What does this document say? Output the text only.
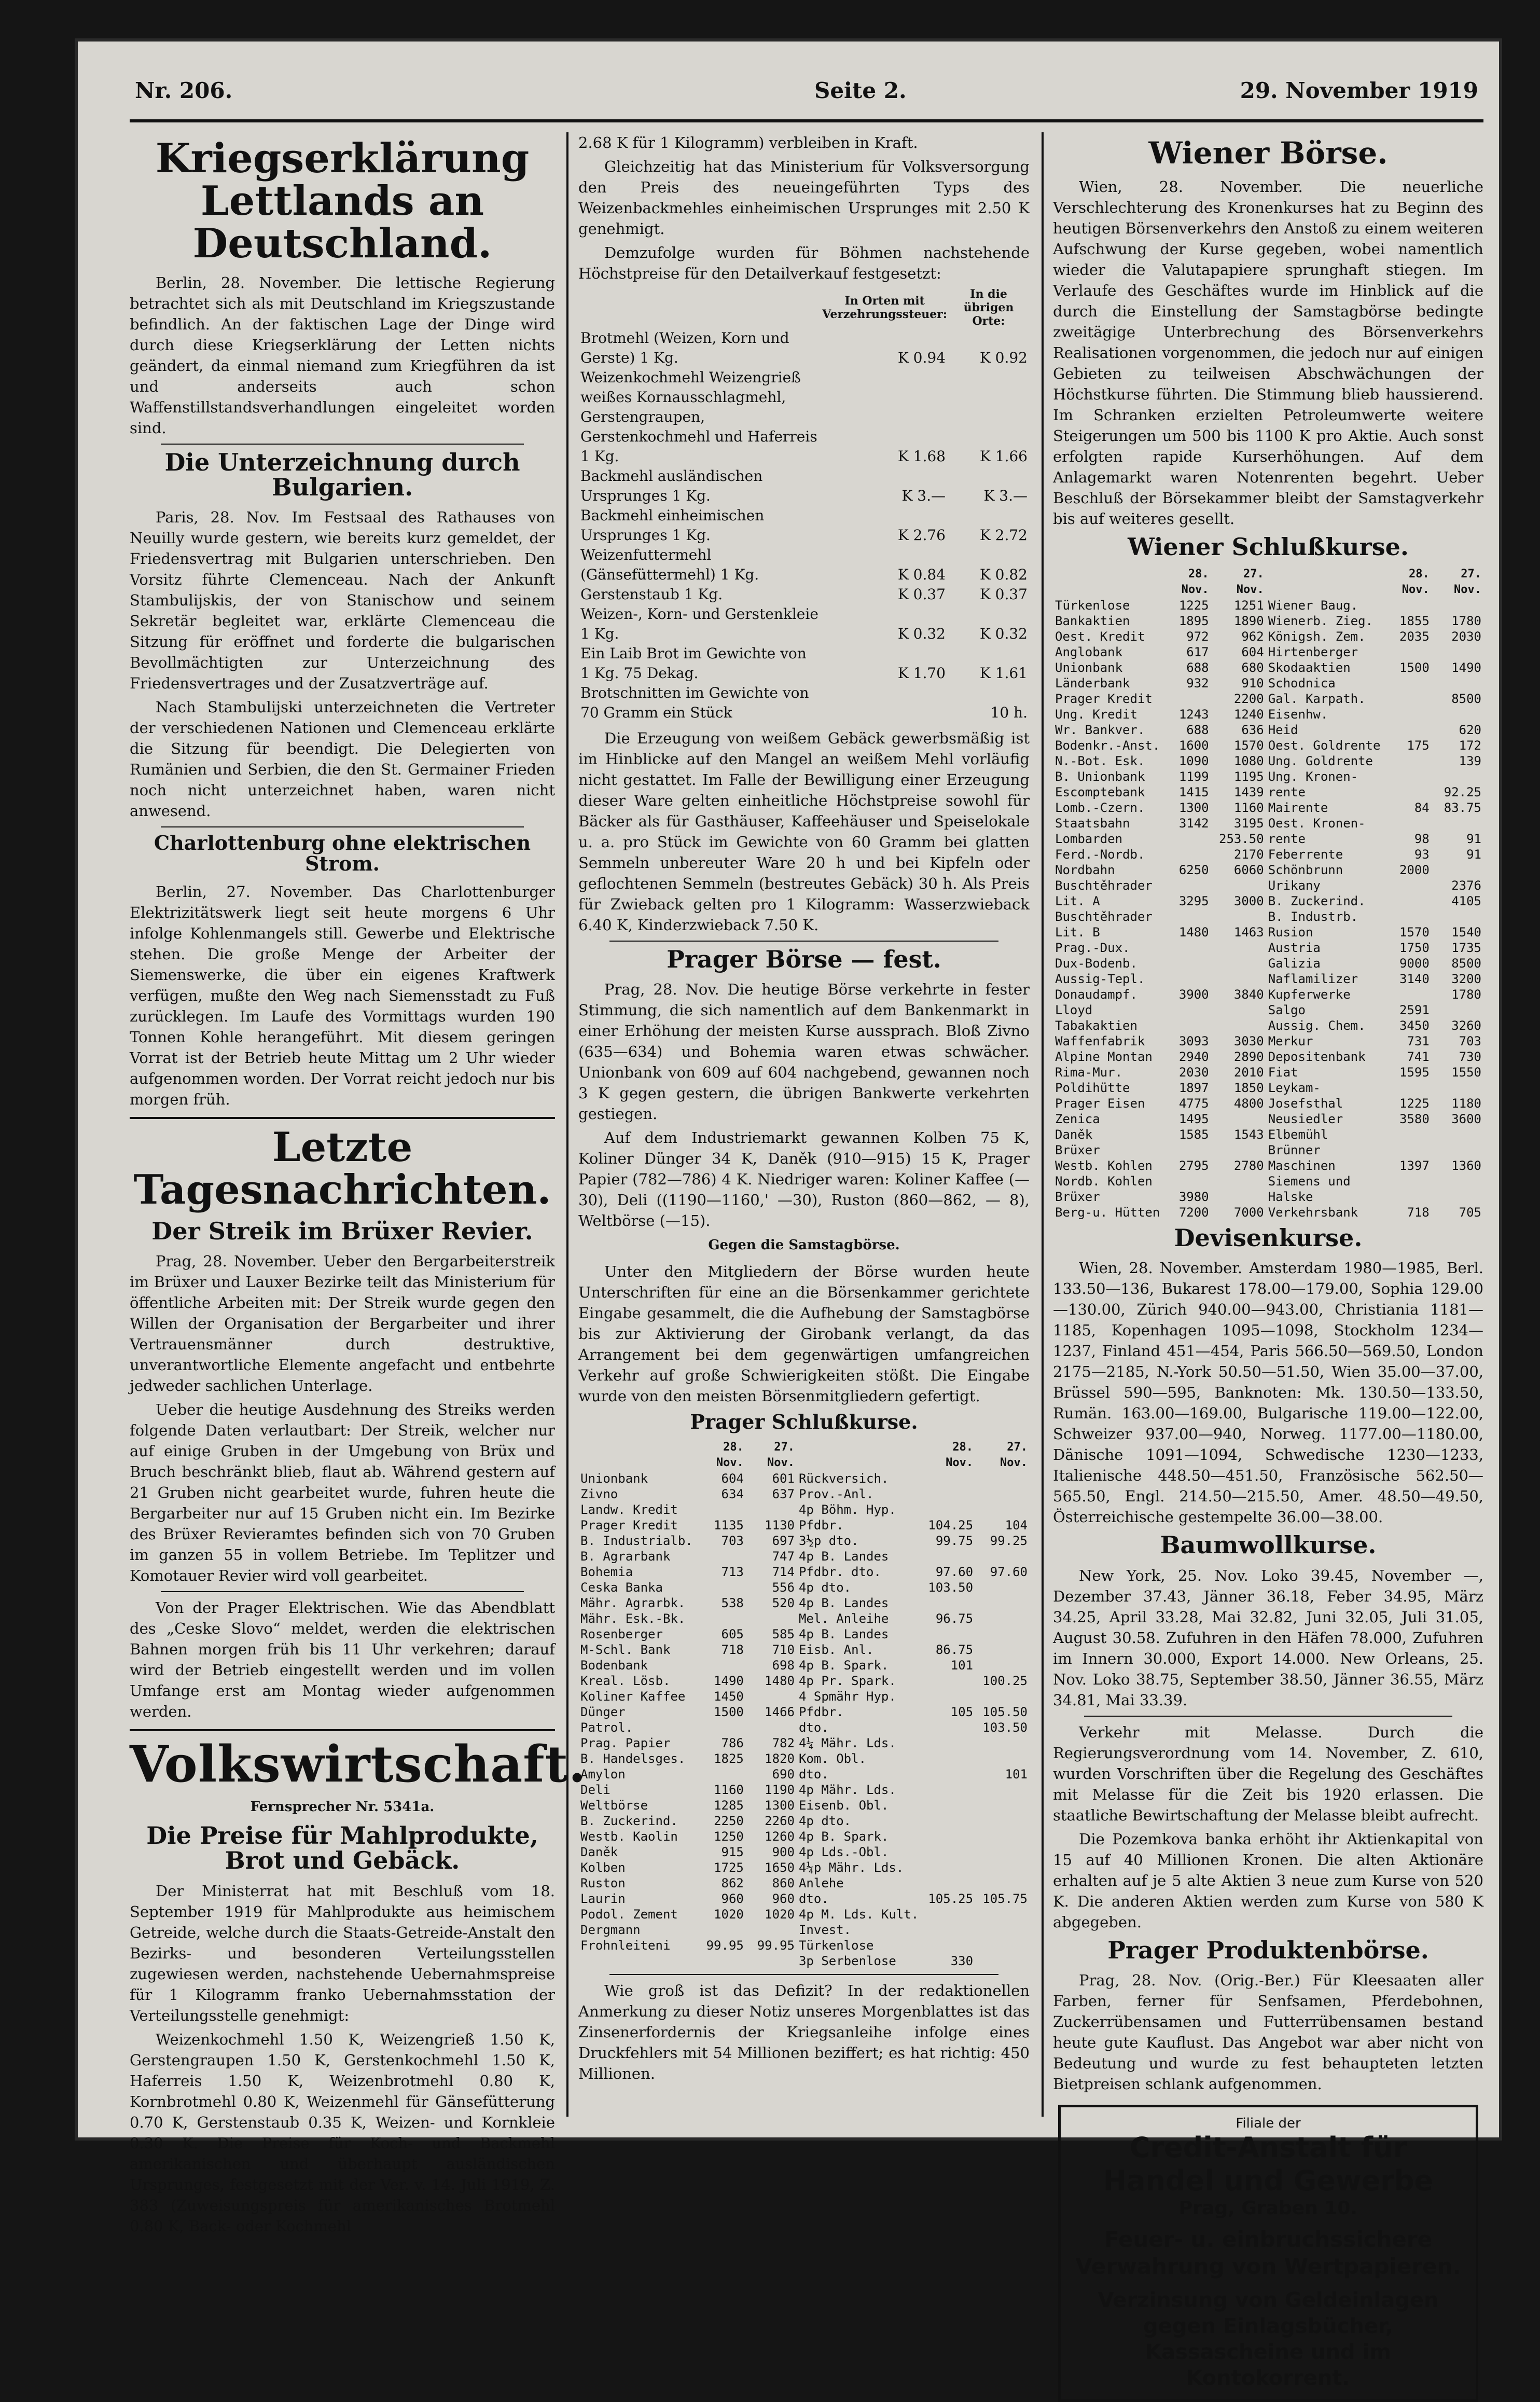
Nr. 206.	Seite 2.	29. November 1919
Kriegserklärung Lettlands an Deutschland.

Berlin, 28. November. Die lettische Regierung betrachtet sich als mit Deutschland im Kriegszustande befindlich. An der faktischen Lage der Dinge wird durch diese Kriegserklärung der Letten nichts geändert, da einmal niemand zum Kriegführen da ist und anderseits auch schon Waffenstillstandsverhandlungen eingeleitet worden sind.

Die Unterzeichnung durch Bulgarien.

Paris, 28. Nov. Im Festsaal des Rathauses von Neuilly wurde gestern, wie bereits kurz gemeldet, der Friedensvertrag mit Bulgarien unterschrieben. Den Vorsitz führte Clemenceau. Nach der Ankunft Stambulijskis, der von Stanischow und seinem Sekretär begleitet war, erklärte Clemenceau die Sitzung für eröffnet und forderte die bulgarischen Bevollmächtigten zur Unterzeichnung des Friedensvertrages und der Zusatzverträge auf.

Nach Stambulijski unterzeichneten die Vertreter der verschiedenen Nationen und Clemenceau erklärte die Sitzung für beendigt. Die Delegierten von Rumänien und Serbien, die den St. Germainer Frieden noch nicht unterzeichnet haben, waren nicht anwesend.

Charlottenburg ohne elektrischen Strom.

Berlin, 27. November. Das Charlottenburger Elektrizitätswerk liegt seit heute morgens 6 Uhr infolge Kohlenmangels still. Gewerbe und Elektrische stehen. Die große Menge der Arbeiter der Siemenswerke, die über ein eigenes Kraftwerk verfügen, mußte den Weg nach Siemensstadt zu Fuß zurücklegen. Im Laufe des Vormittags wurden 190 Tonnen Kohle herangeführt. Mit diesem geringen Vorrat ist der Betrieb heute Mittag um 2 Uhr wieder aufgenommen worden. Der Vorrat reicht jedoch nur bis morgen früh.

Letzte Tagesnachrichten.
Der Streik im Brüxer Revier.

Prag, 28. November. Ueber den Bergarbeiterstreik im Brüxer und Lauxer Bezirke teilt das Ministerium für öffentliche Arbeiten mit: Der Streik wurde gegen den Willen der Organisation der Bergarbeiter und ihrer Vertrauensmänner durch destruktive, unverantwortliche Elemente angefacht und entbehrte jedweder sachlichen Unterlage.

Ueber die heutige Ausdehnung des Streiks werden folgende Daten verlautbart: Der Streik, welcher nur auf einige Gruben in der Umgebung von Brüx und Bruch beschränkt blieb, flaut ab. Während gestern auf 21 Gruben nicht gearbeitet wurde, fuhren heute die Bergarbeiter nur auf 15 Gruben nicht ein. Im Bezirke des Brüxer Revieramtes befinden sich von 70 Gruben im ganzen 55 in vollem Betriebe. Im Teplitzer und Komotauer Revier wird voll gearbeitet.

Von der Prager Elektrischen. Wie das Abendblatt des „Ceske Slovo“ meldet, werden die elektrischen Bahnen morgen früh bis 11 Uhr verkehren; darauf wird der Betrieb eingestellt werden und im vollen Umfange erst am Montag wieder aufgenommen werden.

Volkswirtschaft.
Fernsprecher Nr. 5341a.
Die Preise für Mahlprodukte, Brot und Gebäck.

Der Ministerrat hat mit Beschluß vom 18. September 1919 für Mahlprodukte aus heimischem Getreide, welche durch die Staats-Getreide-Anstalt den Bezirks- und besonderen Verteilungsstellen zugewiesen werden, nachstehende Uebernahmspreise für 1 Kilogramm franko Uebernahmsstation der Verteilungsstelle genehmigt:

Weizenkochmehl 1.50 K, Weizengrieß 1.50 K, Gerstengraupen 1.50 K, Gerstenkochmehl 1.50 K, Haferreis 1.50 K, Weizenbrotmehl 0.80 K, Kornbrotmehl 0.80 K, Weizenmehl für Gänsefütterung 0.70 K, Gerstenstaub 0.35 K, Weizen- und Kornkleie 0.30 K. Die Preise für Koch- und Backmehl amerikanischen und überhaupt ausländischen Ursprunges, festgesetzt mit der Ver. v. 14. Juli 1919, Z. 383 (Zuweisungspreis für amerikanisches Brotmehl 0.80 K, Back- oder Kochmehl

2.68 K für 1 Kilogramm) verbleiben in Kraft.

Gleichzeitig hat das Ministerium für Volksversorgung den Preis des neueingeführten Typs des Weizenbackmehles einheimischen Ursprunges mit 2.50 K genehmigt.

Demzufolge wurden für Böhmen nachstehende Höchstpreise für den Detailverkauf festgesetzt:

	In Orten mit Verzehrungssteuer:	In die übrigen Orte:
Brotmehl (Weizen, Korn und Gerste) 1 Kg.	K 0.94	K 0.92
Weizenkochmehl Weizengrieß weißes Kornausschlagmehl, Gerstengraupen, Gerstenkochmehl und Haferreis 1 Kg.	K 1.68	K 1.66
Backmehl ausländischen Ursprunges 1 Kg.	K 3.—	K 3.—
Backmehl einheimischen Ursprunges 1 Kg.	K 2.76	K 2.72
Weizenfuttermehl (Gänsefüttermehl) 1 Kg.	K 0.84	K 0.82
Gerstenstaub 1 Kg.	K 0.37	K 0.37
Weizen-, Korn- und Gerstenkleie 1 Kg.	K 0.32	K 0.32
Ein Laib Brot im Gewichte von 1 Kg. 75 Dekag.	K 1.70	K 1.61
Brotschnitten im Gewichte von 70 Gramm ein Stück		10 h.

Die Erzeugung von weißem Gebäck gewerbsmäßig ist im Hinblicke auf den Mangel an weißem Mehl vorläufig nicht gestattet. Im Falle der Bewilligung einer Erzeugung dieser Ware gelten einheitliche Höchstpreise sowohl für Bäcker als für Gasthäuser, Kaffeehäuser und Speiselokale u. a. pro Stück im Gewichte von 60 Gramm bei glatten Semmeln unbereuter Ware 20 h und bei Kipfeln oder geflochtenen Semmeln (bestreutes Gebäck) 30 h. Als Preis für Zwieback gelten pro 1 Kilogramm: Wasserzwieback 6.40 K, Kinderzwieback 7.50 K.

Prager Börse — fest.

Prag, 28. Nov. Die heutige Börse verkehrte in fester Stimmung, die sich namentlich auf dem Bankenmarkt in einer Erhöhung der meisten Kurse aussprach. Bloß Zivno (635—634) und Bohemia waren etwas schwächer. Unionbank von 609 auf 604 nachgebend, gewannen noch 3 K gegen gestern, die übrigen Bankwerte verkehrten gestiegen.

Auf dem Industriemarkt gewannen Kolben 75 K, Koliner Dünger 34 K, Daněk (910—915) 15 K, Prager Papier (782—786) 4 K. Niedriger waren: Koliner Kaffee (—30), Deli ((1190—1160,' —30), Ruston (860—862, — 8), Weltbörse (—15).

Gegen die Samstagbörse.

Unter den Mitgliedern der Börse wurden heute Unterschriften für eine an die Börsenkammer gerichtete Eingabe gesammelt, die die Aufhebung der Samstagbörse bis zur Aktivierung der Girobank verlangt, da das Arrangement bei dem gegenwärtigen umfangreichen Verkehr auf große Schwierigkeiten stößt. Die Eingabe wurde von den meisten Börsenmitgliedern gefertigt.

Prager Schlußkurse.
	28. Nov.	27. Nov.		28. Nov.	27. Nov.
Unionbank	604	601	Rückversich.		
Zivno	634	637	Prov.-Anl.		
Landw. Kredit			4p Böhm. Hyp.		
Prager Kredit	1135	1130	Pfdbr.	104.25	104
B. Industrialb.	703	697	3½p dto.	99.75	99.25
B. Agrarbank		747	4p B. Landes		
Bohemia	713	714	Pfdbr. dto.	97.60	97.60
Ceska Banka		556	4p dto.	103.50	
Mähr. Agrarbk.	538	520	4p B. Landes		
Mähr. Esk.-Bk.			Mel. Anleihe	96.75	
Rosenberger	605	585	4p B. Landes		
M-Schl. Bank	718	710	Eisb. Anl.	86.75	
Bodenbank		698	4p B. Spark.	101	
Kreal. Lösb.	1490	1480	4p Pr. Spark.		100.25
Koliner Kaffee	1450		4 Spmähr Hyp.		
Dünger	1500	1466	Pfdbr.	105	105.50
Patrol.			dto.		103.50
Prag. Papier	786	782	4¼ Mähr. Lds.		
B. Handelsges.	1825	1820	Kom. Obl.		
Amylon		690	dto.		101
Deli	1160	1190	4p Mähr. Lds.		
Weltbörse	1285	1300	Eisenb. Obl.		
B. Zuckerind.	2250	2260	4p dto.		
Westb. Kaolin	1250	1260	4p B. Spark.		
Daněk	915	900	4p Lds.-Obl.		
Kolben	1725	1650	4¼p Mähr. Lds.		
Ruston	862	860	Anlehe		
Laurin	960	960	dto.	105.25	105.75
Podol. Zement	1020	1020	4p M. Lds. Kult.		
Dergmann			Invest.		
Frohnleiteni	99.95	99.95	Türkenlose		
			3p Serbenlose	330	

Wie groß ist das Defizit? In der redaktionellen Anmerkung zu dieser Notiz unseres Morgenblattes ist das Zinsenerfordernis der Kriegsanleihe infolge eines Druckfehlers mit 54 Millionen beziffert; es hat richtig: 450 Millionen.

Wiener Börse.

Wien, 28. November. Die neuerliche Verschlechterung des Kronenkurses hat zu Beginn des heutigen Börsenverkehrs den Anstoß zu einem weiteren Aufschwung der Kurse gegeben, wobei namentlich wieder die Valutapapiere sprunghaft stiegen. Im Verlaufe des Geschäftes wurde im Hinblick auf die durch die Einstellung der Samstagbörse bedingte zweitägige Unterbrechung des Börsenverkehrs Realisationen vorgenommen, die jedoch nur auf einigen Gebieten zu teilweisen Abschwächungen der Höchstkurse führten. Die Stimmung blieb haussierend. Im Schranken erzielten Petroleumwerte weitere Steigerungen um 500 bis 1100 K pro Aktie. Auch sonst erfolgten rapide Kurserhöhungen. Auf dem Anlagemarkt waren Notenrenten begehrt. Ueber Beschluß der Börsekammer bleibt der Samstagverkehr bis auf weiteres gesellt.

Wiener Schlußkurse.
	28. Nov.	27. Nov.		28. Nov.	27. Nov.
Türkenlose	1225	1251	Wiener Baug.		
Bankaktien	1895	1890	Wienerb. Zieg.	1855	1780
Oest. Kredit	972	962	Königsh. Zem.	2035	2030
Anglobank	617	604	Hirtenberger		
Unionbank	688	680	Skodaaktien	1500	1490
Länderbank	932	910	Schodnica		
Prager Kredit		2200	Gal. Karpath.		8500
Ung. Kredit	1243	1240	Eisenhw.		
Wr. Bankver.	688	636	Heid		620
Bodenkr.-Anst.	1600	1570	Oest. Goldrente	175	172
N.-Bot. Esk.	1090	1080	Ung. Goldrente		139
B. Unionbank	1199	1195	Ung. Kronen-		
Escomptebank	1415	1439	rente		92.25
Lomb.-Czern.	1300	1160	Mairente	84	83.75
Staatsbahn	3142	3195	Oest. Kronen-		
Lombarden		253.50	rente	98	91
Ferd.-Nordb.		2170	Feberrente	93	91
Nordbahn	6250	6060	Schönbrunn	2000	
Buschtěhrader			Urikany		2376
Lit. A	3295	3000	B. Zuckerind.		4105
Buschtěhrader			B. Industrb.		
Lit. B	1480	1463	Rusion	1570	1540
Prag.-Dux.			Austria	1750	1735
Dux-Bodenb.			Galizia	9000	8500
Aussig-Tepl.			Naflamilizer	3140	3200
Donaudampf.	3900	3840	Kupferwerke		1780
Lloyd			Salgo	2591	
Tabakaktien			Aussig. Chem.	3450	3260
Waffenfabrik	3093	3030	Merkur	731	703
Alpine Montan	2940	2890	Depositenbank	741	730
Rima-Mur.	2030	2010	Fiat	1595	1550
Poldihütte	1897	1850	Leykam-		
Prager Eisen	4775	4800	Josefsthal	1225	1180
Zenica	1495		Neusiedler	3580	3600
Daněk	1585	1543	Elbemühl		
Brüxer			Brünner		
Westb. Kohlen	2795	2780	Maschinen	1397	1360
Nordb. Kohlen			Siemens und		
Brüxer	3980		Halske		
Berg-u. Hütten	7200	7000	Verkehrsbank	718	705
Devisenkurse.

Wien, 28. November. Amsterdam 1980—1985, Berl. 133.50—136, Bukarest 178.00—179.00, Sophia 129.00—130.00, Zürich 940.00—943.00, Christiania 1181—1185, Kopenhagen 1095—1098, Stockholm 1234—1237, Finland 451—454, Paris 566.50—569.50, London 2175—2185, N.-York 50.50—51.50, Wien 35.00—37.00, Brüssel 590—595, Banknoten: Mk. 130.50—133.50, Rumän. 163.00—169.00, Bulgarische 119.00—122.00, Schweizer 937.00—940, Norweg. 1177.00—1180.00, Dänische 1091—1094, Schwedische 1230—1233, Italienische 448.50—451.50, Französische 562.50—565.50, Engl. 214.50—215.50, Amer. 48.50—49.50, Österreichische gestempelte 36.00—38.00.

Baumwollkurse.

New York, 25. Nov. Loko 39.45, November —, Dezember 37.43, Jänner 36.18, Feber 34.95, März 34.25, April 33.28, Mai 32.82, Juni 32.05, Juli 31.05, August 30.58. Zufuhren in den Häfen 78.000, Zufuhren im Innern 30.000, Export 14.000. New Orleans, 25. Nov. Loko 38.75, September 38.50, Jänner 36.55, März 34.81, Mai 33.39.

Verkehr mit Melasse. Durch die Regierungsverordnung vom 14. November, Z. 610, wurden Vorschriften über die Regelung des Geschäftes mit Melasse für die Zeit bis 1920 erlassen. Die staatliche Bewirtschaftung der Melasse bleibt aufrecht.

Die Pozemkova banka erhöht ihr Aktienkapital von 15 auf 40 Millionen Kronen. Die alten Aktionäre erhalten auf je 5 alte Aktien 3 neue zum Kurse von 520 K. Die anderen Aktien werden zum Kurse von 580 K abgegeben.

Prager Produktenbörse.

Prag, 28. Nov. (Orig.-Ber.) Für Kleesaaten aller Farben, ferner für Senfsamen, Pferdebohnen, Zuckerrübensamen und Futterrübensamen bestand heute gute Kauflust. Das Angebot war aber nicht von Bedeutung und wurde zu fest behaupteten letzten Bietpreisen schlank aufgenommen.

Filiale der
Credit-Anstalt für Handel und Gewerbe
Prag, Graben 10.
Feuer- u. einbruchssichere Verwahrung von Wertpapieren.
Verzinsung von Geldeinlagen gegen Einlagsbücher, Kassascheine und im Kontokorrent.
